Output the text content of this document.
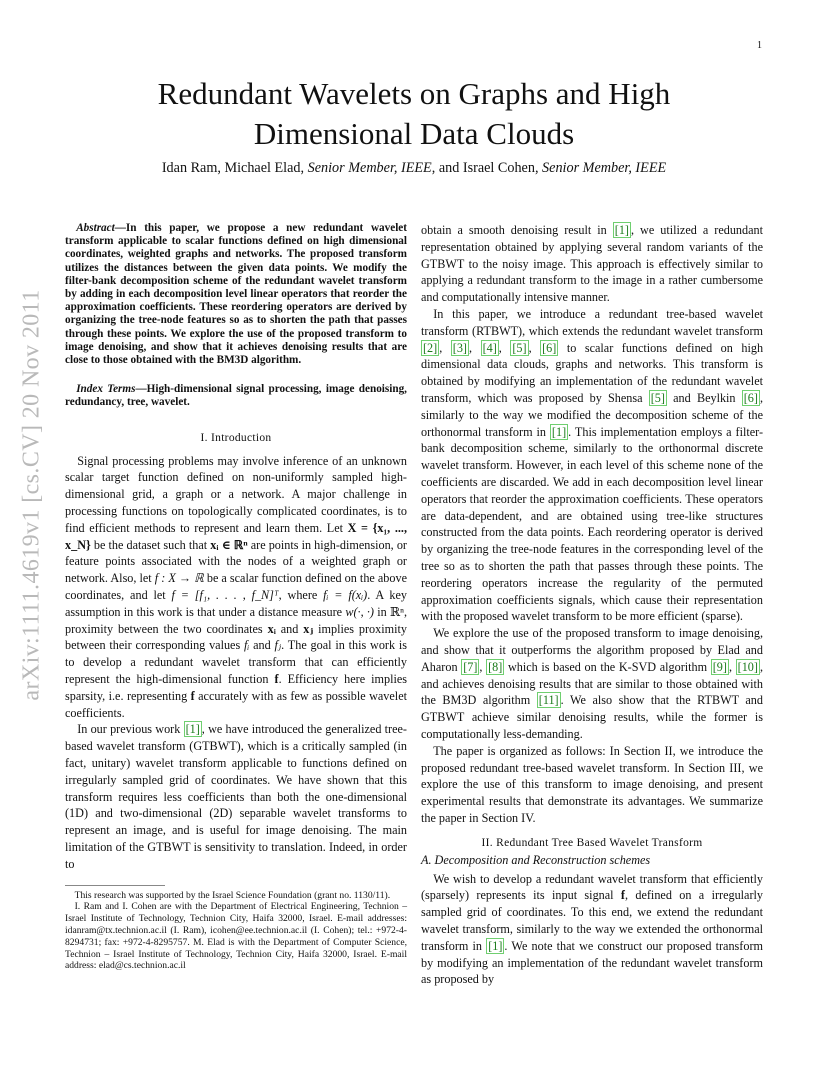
1
arXiv:1111.4619v1 [cs.CV] 20 Nov 2011
Redundant Wavelets on Graphs and High Dimensional Data Clouds
Idan Ram, Michael Elad, Senior Member, IEEE, and Israel Cohen, Senior Member, IEEE

Abstract—In this paper, we propose a new redundant wavelet transform applicable to scalar functions defined on high dimensional coordinates, weighted graphs and networks. The proposed transform utilizes the distances between the given data points. We modify the filter-bank decomposition scheme of the redundant wavelet transform by adding in each decomposition level linear operators that reorder the approximation coefficients. These reordering operators are derived by organizing the tree-node features so as to shorten the path that passes through these points. We explore the use of the proposed transform to image denoising, and show that it achieves denoising results that are close to those obtained with the BM3D algorithm.

Index Terms—High-dimensional signal processing, image denoising, redundancy, tree, wavelet.

I. Introduction

Signal processing problems may involve inference of an unknown scalar target function defined on non-uniformly sampled high-dimensional grid, a graph or a network. A major challenge in processing functions on topologically complicated coordinates, is to find efficient methods to represent and learn them. Let X = {x₁, ..., x_N} be the dataset such that xᵢ ∈ ℝⁿ are points in high-dimension, or feature points associated with the nodes of a weighted graph or network. Also, let f : X → ℝ be a scalar function defined on the above coordinates, and let f = [f₁, . . . , f_N]ᵀ, where fᵢ = f(xᵢ). A key assumption in this work is that under a distance measure w(·, ·) in ℝⁿ, proximity between the two coordinates xᵢ and xⱼ implies proximity between their corresponding values fᵢ and fⱼ. The goal in this work is to develop a redundant wavelet transform that can efficiently represent the high-dimensional function f. Efficiency here implies sparsity, i.e. representing f accurately with as few as possible wavelet coefficients.

In our previous work [1] , we have introduced the generalized tree-based wavelet transform (GTBWT), which is a critically sampled (in fact, unitary) wavelet transform applicable to functions defined on irregularly sampled grid of coordinates. We have shown that this transform requires less coefficients than both the one-dimensional (1D) and two-dimensional (2D) separable wavelet transforms to represent an image, and is useful for image denoising. The main limitation of the GTBWT is sensitivity to translation. Indeed, in order to

This research was supported by the Israel Science Foundation (grant no. 1130/11).

I. Ram and I. Cohen are with the Department of Electrical Engineering, Technion – Israel Institute of Technology, Technion City, Haifa 32000, Israel. E-mail addresses: idanram@tx.technion.ac.il (I. Ram), icohen@ee.technion.ac.il (I. Cohen); tel.: +972-4-8294731; fax: +972-4-8295757. M. Elad is with the Department of Computer Science, Technion – Israel Institute of Technology, Technion City, Haifa 32000, Israel. E-mail address: elad@cs.technion.ac.il

obtain a smooth denoising result in [1] , we utilized a redundant representation obtained by applying several random variants of the GTBWT to the noisy image. This approach is effectively similar to applying a redundant transform to the image in a rather cumbersome and computationally intensive manner.

In this paper, we introduce a redundant tree-based wavelet transform (RTBWT), which extends the redundant wavelet transform [2] , [3] , [4] , [5] , [6] to scalar functions defined on high dimensional data clouds, graphs and networks. This transform is obtained by modifying an implementation of the redundant wavelet transform, which was proposed by Shensa [5] and Beylkin [6] , similarly to the way we modified the decomposition scheme of the orthonormal transform in [1] . This implementation employs a filter-bank decomposition scheme, similarly to the orthonormal discrete wavelet transform. However, in each level of this scheme none of the coefficients are discarded. We add in each decomposition level linear operators that reorder the approximation coefficients. These operators are data-dependent, and are obtained using tree-like structures constructed from the data points. Each reordering operator is derived by organizing the tree-node features in the corresponding level of the tree so as to shorten the path that passes through these points. The reordering operators increase the regularity of the permuted approximation coefficients signals, which cause their representation with the proposed wavelet transform to be more efficient (sparse).

We explore the use of the proposed transform to image denoising, and show that it outperforms the algorithm proposed by Elad and Aharon [7] , [8] which is based on the K-SVD algorithm [9] , [10] , and achieves denoising results that are similar to those obtained with the BM3D algorithm [11] . We also show that the RTBWT and GTBWT achieve similar denoising results, while the former is computationally less-demanding.

The paper is organized as follows: In Section II, we introduce the proposed redundant tree-based wavelet transform. In Section III, we explore the use of this transform to image denoising, and present experimental results that demonstrate its advantages. We summarize the paper in Section IV.

II. Redundant Tree Based Wavelet Transform

A. Decomposition and Reconstruction schemes

We wish to develop a redundant wavelet transform that efficiently (sparsely) represents its input signal f, defined on a irregularly sampled grid of coordinates. To this end, we extend the redundant wavelet transform, similarly to the way we extended the orthonormal transform in [1] . We note that we construct our proposed transform by modifying an implementation of the redundant wavelet transform as proposed by
